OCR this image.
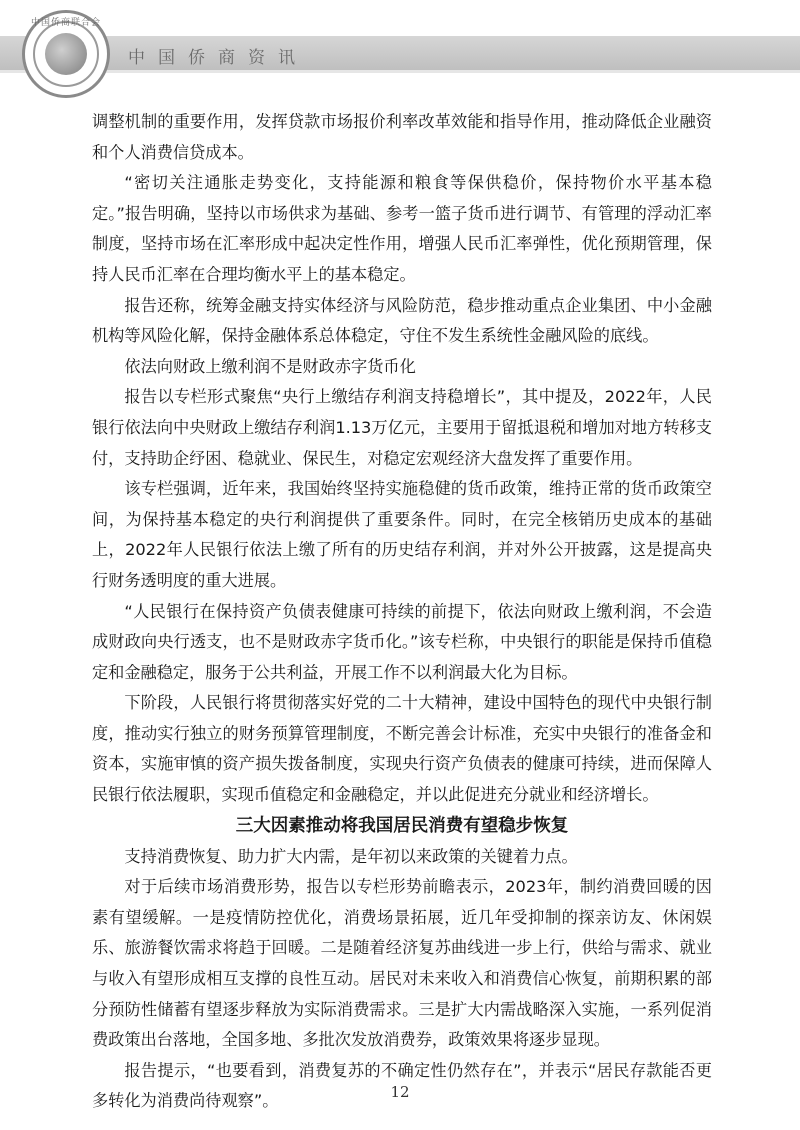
中国侨商资讯
中国侨商联合会

调整机制的重要作用，发挥贷款市场报价利率改革效能和指导作用，推动降低企业融资和个人消费信贷成本。

“密切关注通胀走势变化，支持能源和粮食等保供稳价，保持物价水平基本稳定。”报告明确，坚持以市场供求为基础、参考一篮子货币进行调节、有管理的浮动汇率制度，坚持市场在汇率形成中起决定性作用，增强人民币汇率弹性，优化预期管理，保持人民币汇率在合理均衡水平上的基本稳定。

报告还称，统筹金融支持实体经济与风险防范，稳步推动重点企业集团、中小金融机构等风险化解，保持金融体系总体稳定，守住不发生系统性金融风险的底线。

依法向财政上缴利润不是财政赤字货币化

报告以专栏形式聚焦“央行上缴结存利润支持稳增长”，其中提及，2022年，人民银行依法向中央财政上缴结存利润1.13万亿元，主要用于留抵退税和增加对地方转移支付，支持助企纾困、稳就业、保民生，对稳定宏观经济大盘发挥了重要作用。

该专栏强调，近年来，我国始终坚持实施稳健的货币政策，维持正常的货币政策空间，为保持基本稳定的央行利润提供了重要条件。同时，在完全核销历史成本的基础上，2022年人民银行依法上缴了所有的历史结存利润，并对外公开披露，这是提高央行财务透明度的重大进展。

“人民银行在保持资产负债表健康可持续的前提下，依法向财政上缴利润，不会造成财政向央行透支，也不是财政赤字货币化。”该专栏称，中央银行的职能是保持币值稳定和金融稳定，服务于公共利益，开展工作不以利润最大化为目标。

下阶段，人民银行将贯彻落实好党的二十大精神，建设中国特色的现代中央银行制度，推动实行独立的财务预算管理制度，不断完善会计标准，充实中央银行的准备金和资本，实施审慎的资产损失拨备制度，实现央行资产负债表的健康可持续，进而保障人民银行依法履职，实现币值稳定和金融稳定，并以此促进充分就业和经济增长。

三大因素推动将我国居民消费有望稳步恢复

支持消费恢复、助力扩大内需，是年初以来政策的关键着力点。

对于后续市场消费形势，报告以专栏形势前瞻表示，2023年，制约消费回暖的因素有望缓解。一是疫情防控优化，消费场景拓展，近几年受抑制的探亲访友、休闲娱乐、旅游餐饮需求将趋于回暖。二是随着经济复苏曲线进一步上行，供给与需求、就业与收入有望形成相互支撑的良性互动。居民对未来收入和消费信心恢复，前期积累的部分预防性储蓄有望逐步释放为实际消费需求。三是扩大内需战略深入实施，一系列促消费政策出台落地，全国多地、多批次发放消费券，政策效果将逐步显现。

报告提示，“也要看到，消费复苏的不确定性仍然存在”，并表示“居民存款能否更多转化为消费尚待观察”。	12
